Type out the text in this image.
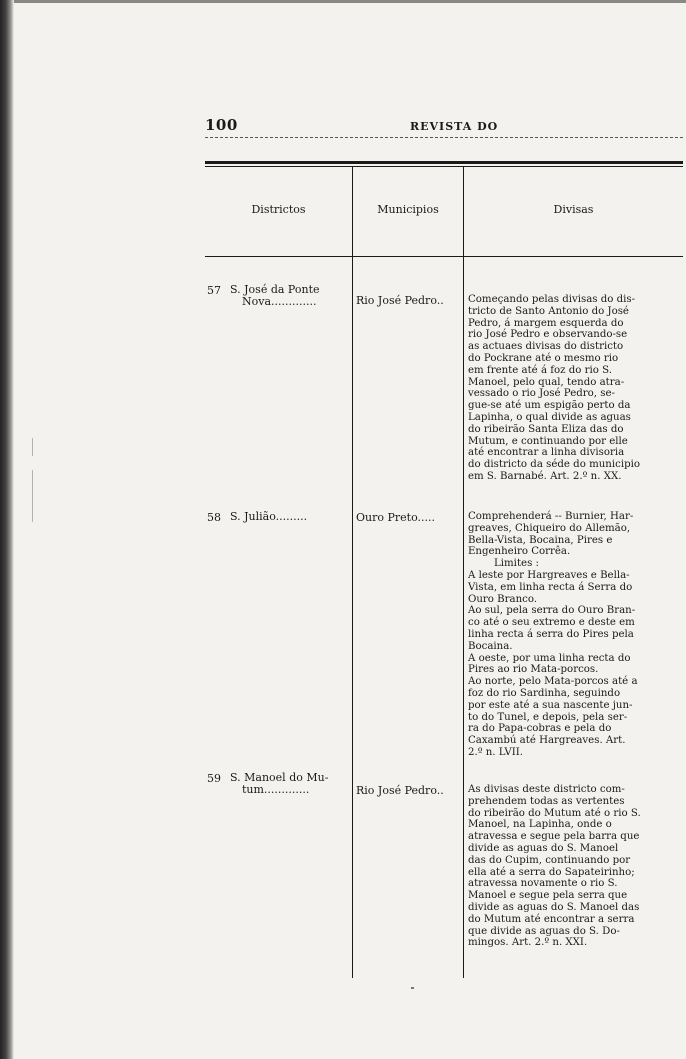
100	REVISTA DO
Districtos	Municipios	Divisas
57 S. José da Ponte
Nova.............	Rio José Pedro..	Começando pelas divisas do dis-

tricto de Santo Antonio do José

Pedro, á margem esquerda do

rio José Pedro e observando-se

as actuaes divisas do districto

do Pockrane até o mesmo rio

em frente até á foz do rio S.

Manoel, pelo qual, tendo atra-

vessado o rio José Pedro, se-

gue-se até um espigão perto da

Lapinha, o qual divide as aguas

do ribeirão Santa Eliza das do

Mutum, e continuando por elle

até encontrar a linha divisoria

do districto da séde do municipio

em S. Barnabé. Art. 2.º n. XX.

58 S. Julião.........	Ouro Preto.....	Comprehenderá -- Burnier, Har-

greaves, Chiqueiro do Allemão,

Bella-Vista, Bocaina, Pires e

Engenheiro Corrêa.

Limites :

A leste por Hargreaves e Bella-

Vista, em linha recta á Serra do

Ouro Branco.

Ao sul, pela serra do Ouro Bran-

co até o seu extremo e deste em

linha recta á serra do Pires pela

Bocaina.

A oeste, por uma linha recta do

Pires ao rio Mata-porcos.

Ao norte, pelo Mata-porcos até a

foz do rio Sardinha, seguindo

por este até a sua nascente jun-

to do Tunel, e depois, pela ser-

ra do Papa-cobras e pela do

Caxambú até Hargreaves. Art.

2.º n. LVII.

59 S. Manoel do Mu-
tum.............	Rio José Pedro..	As divisas deste districto com-

prehendem todas as vertentes

do ribeirão do Mutum até o rio S.

Manoel, na Lapinha, onde o

atravessa e segue pela barra que

divide as aguas do S. Manoel

das do Cupim, continuando por

ella até a serra do Sapateirinho;

atravessa novamente o rio S.

Manoel e segue pela serra que

divide as aguas do S. Manoel das

do Mutum até encontrar a serra

que divide as aguas do S. Do-

mingos. Art. 2.º n. XXI.
